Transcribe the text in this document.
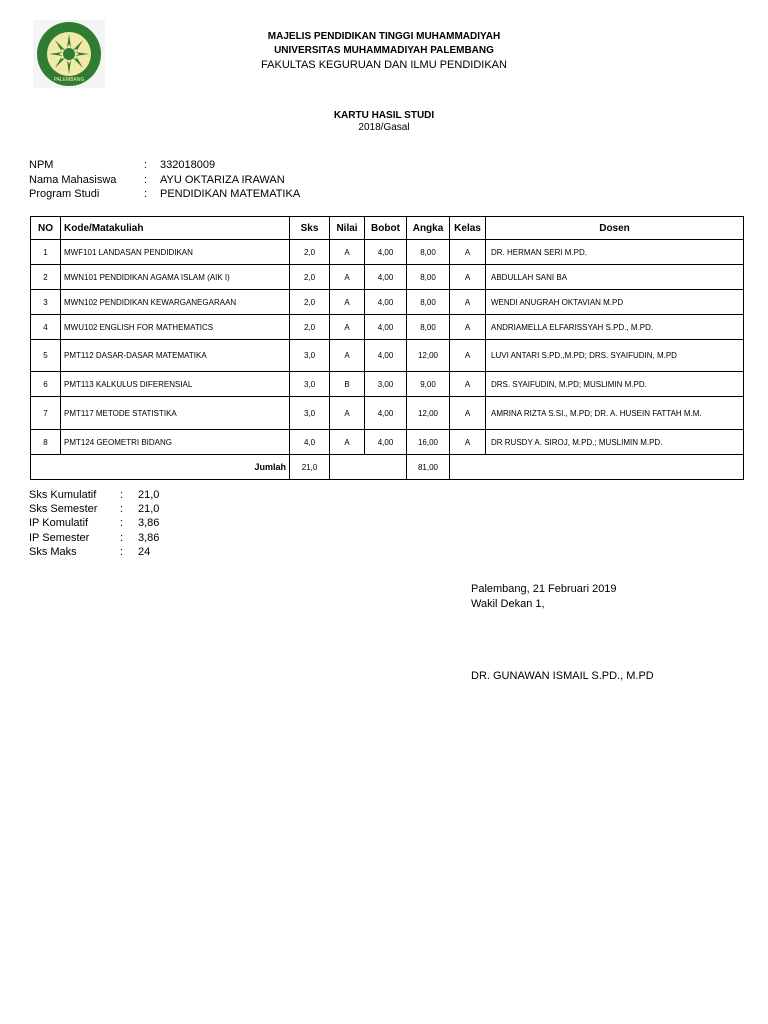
PALEMBANG
MAJELIS PENDIDIKAN TINGGI MUHAMMADIYAH
UNIVERSITAS MUHAMMADIYAH PALEMBANG
FAKULTAS KEGURUAN DAN ILMU PENDIDIKAN
KARTU HASIL STUDI
2018/Gasal
NPM	: 332018009
Nama Mahasiswa	: AYU OKTARIZA IRAWAN
Program Studi	: PENDIDIKAN MATEMATIKA
NO	Kode/Matakuliah	Sks	Nilai	Bobot	Angka	Kelas	Dosen
1	MWF101 LANDASAN PENDIDIKAN	2,0	A	4,00	8,00	A	DR. HERMAN SERI M.PD.
2	MWN101 PENDIDIKAN AGAMA ISLAM (AIK I)	2,0	A	4,00	8,00	A	ABDULLAH SANI BA
3	MWN102 PENDIDIKAN KEWARGANEGARAAN	2,0	A	4,00	8,00	A	WENDI ANUGRAH OKTAVIAN M.PD
4	MWU102 ENGLISH FOR MATHEMATICS	2,0	A	4,00	8,00	A	ANDRIAMELLA ELFARISSYAH S.PD., M.PD.
5	PMT112 DASAR-DASAR MATEMATIKA	3,0	A	4,00	12,00	A	LUVI ANTARI S.PD.,M.PD; DRS. SYAIFUDIN, M.PD
6	PMT113 KALKULUS DIFERENSIAL	3,0	B	3,00	9,00	A	DRS. SYAIFUDIN, M.PD; MUSLIMIN M.PD.
7	PMT117 METODE STATISTIKA	3,0	A	4,00	12,00	A	AMRINA RIZTA S.SI., M.PD; DR. A. HUSEIN FATTAH M.M.
8	PMT124 GEOMETRI BIDANG	4,0	A	4,00	16,00	A	DR RUSDY A. SIROJ, M.PD.; MUSLIMIN M.PD.
Jumlah		21,0			81,00		
Sks Kumulatif : 21,0
Sks Semester : 21,0
IP Komulatif	: 3,86
IP Semester	: 3,86
Sks Maks	: 24
Palembang, 21 Februari 2019
Wakil Dekan 1,
DR. GUNAWAN ISMAIL S.PD., M.PD
